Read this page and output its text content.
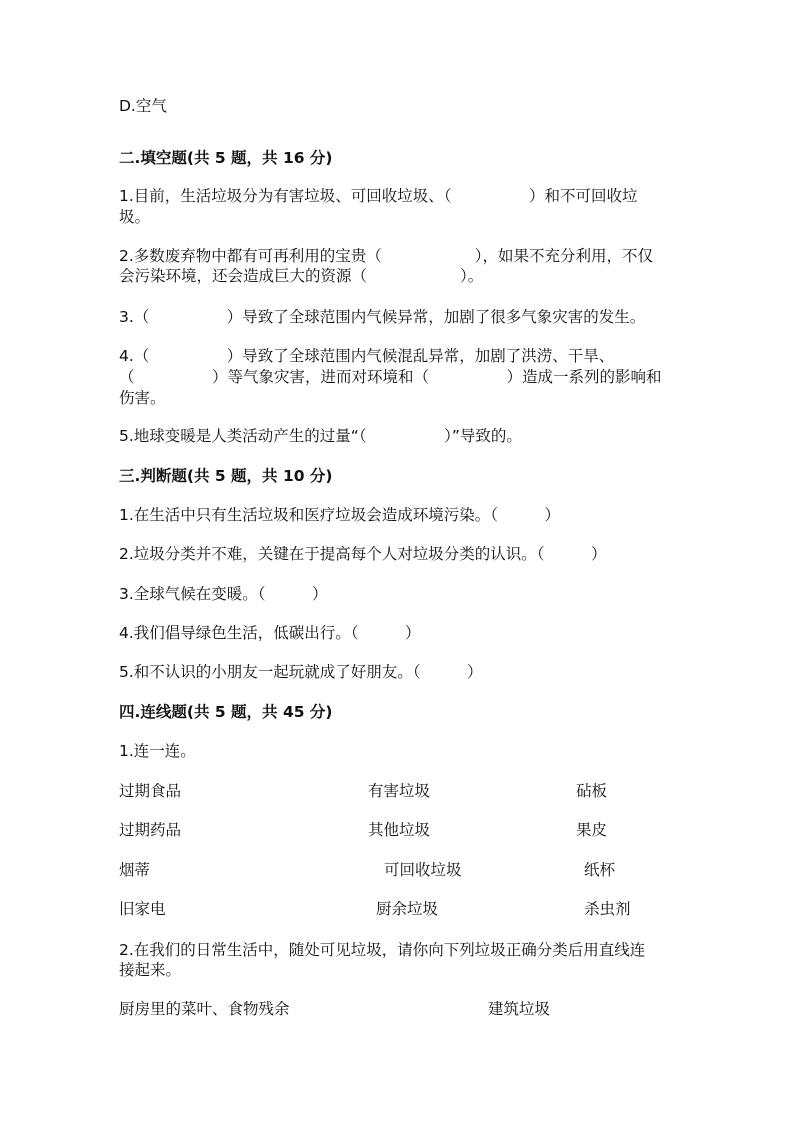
D.空气
二.填空题(共 5 题，共 16 分)
1.目前，生活垃圾分为有害垃圾、可回收垃圾、（　　　　　）和不可回收垃
圾。
2.多数废弃物中都有可再利用的宝贵（　　　　　　），如果不充分利用，不仅
会污染环境，还会造成巨大的资源（　　　　　　）。
3.（　　　　　）导致了全球范围内气候异常，加剧了很多气象灾害的发生。
4.（　　　　　）导致了全球范围内气候混乱异常，加剧了洪涝、干旱、
（　　　　　）等气象灾害，进而对环境和（　　　　　）造成一系列的影响和
伤害。
5.地球变暖是人类活动产生的过量“（　　　　　）”导致的。
三.判断题(共 5 题，共 10 分)
1.在生活中只有生活垃圾和医疗垃圾会造成环境污染。（　　　）
2.垃圾分类并不难，关键在于提高每个人对垃圾分类的认识。（　　　）
3.全球气候在变暖。（　　　）
4.我们倡导绿色生活，低碳出行。（　　　）
5.和不认识的小朋友一起玩就成了好朋友。（　　　）
四.连线题(共 5 题，共 45 分)
1.连一连。
过期食品	有害垃圾	砧板
过期药品	其他垃圾	果皮
烟蒂	可回收垃圾	纸杯
旧家电	厨余垃圾	杀虫剂
2.在我们的日常生活中，随处可见垃圾，请你向下列垃圾正确分类后用直线连
接起来。
厨房里的菜叶、食物残余	建筑垃圾
